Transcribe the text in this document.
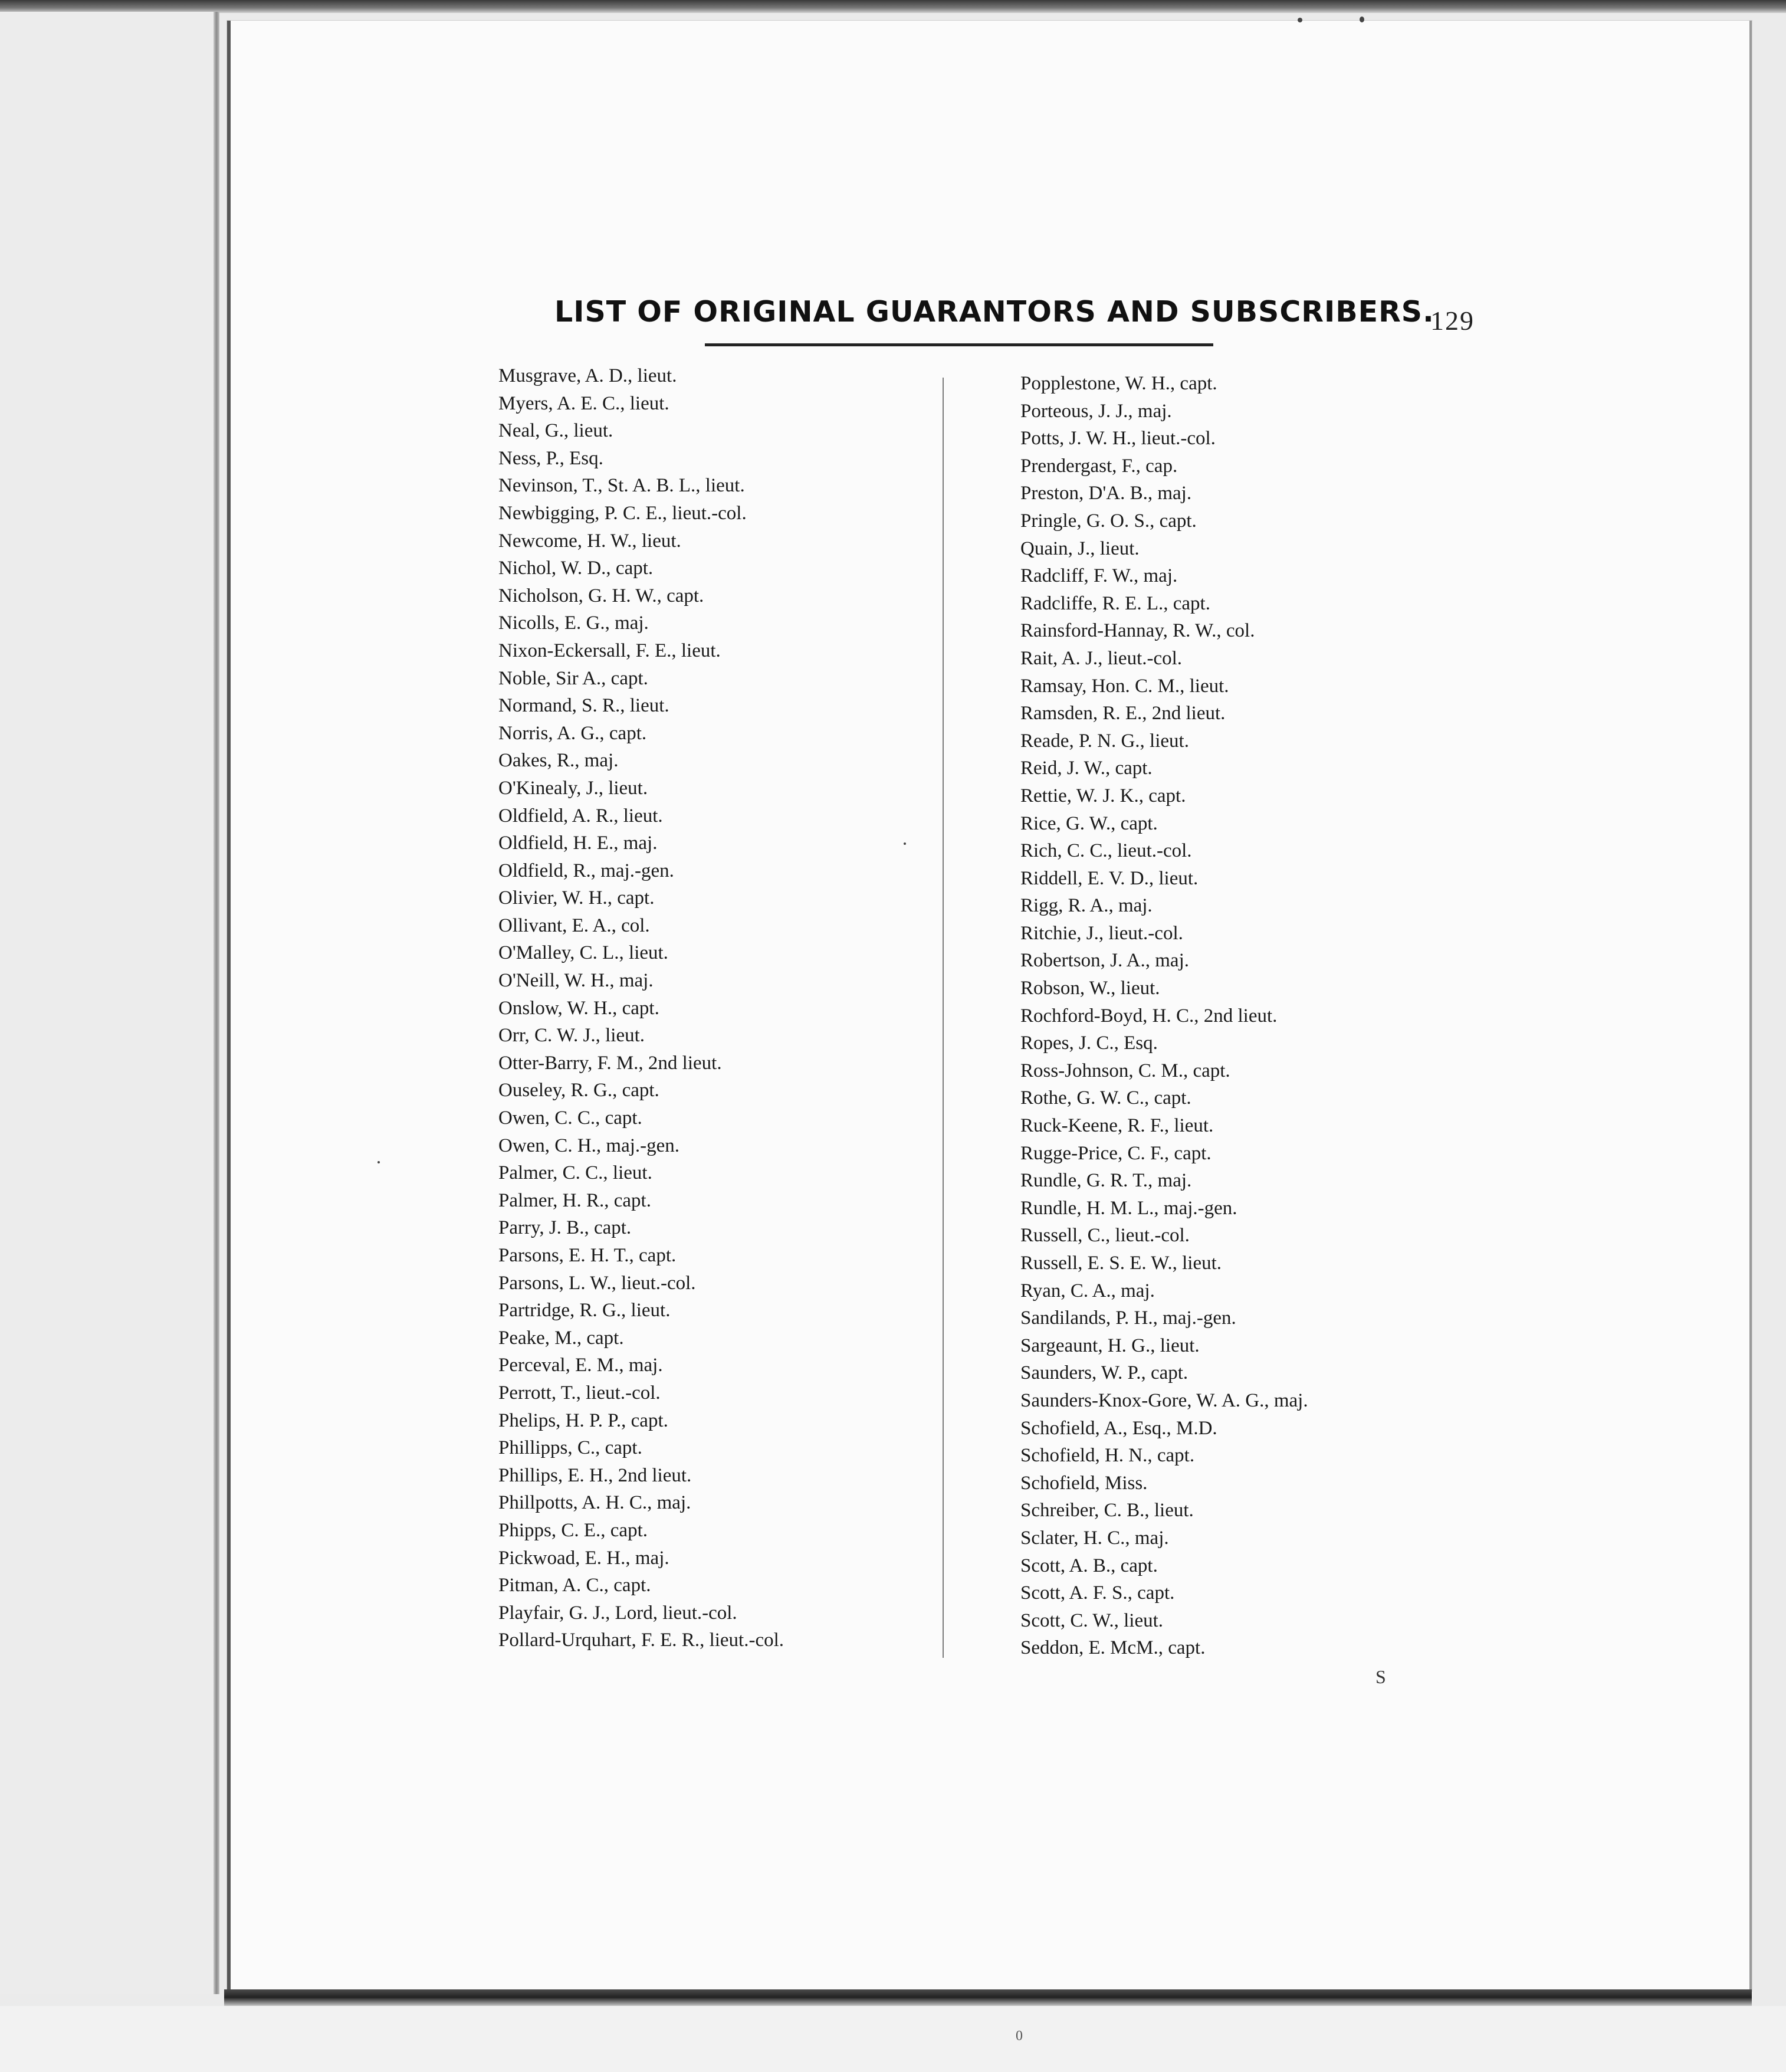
LIST OF ORIGINAL GUARANTORS AND SUBSCRIBERS.
129
Musgrave, A. D., lieut.
Myers, A. E. C., lieut.
Neal, G., lieut.
Ness, P., Esq.
Nevinson, T., St. A. B. L., lieut.
Newbigging, P. C. E., lieut.-col.
Newcome, H. W., lieut.
Nichol, W. D., capt.
Nicholson, G. H. W., capt.
Nicolls, E. G., maj.
Nixon-Eckersall, F. E., lieut.
Noble, Sir A., capt.
Normand, S. R., lieut.
Norris, A. G., capt.
Oakes, R., maj.
O'Kinealy, J., lieut.
Oldfield, A. R., lieut.
Oldfield, H. E., maj.
Oldfield, R., maj.-gen.
Olivier, W. H., capt.
Ollivant, E. A., col.
O'Malley, C. L., lieut.
O'Neill, W. H., maj.
Onslow, W. H., capt.
Orr, C. W. J., lieut.
Otter-Barry, F. M., 2nd lieut.
Ouseley, R. G., capt.
Owen, C. C., capt.
Owen, C. H., maj.-gen.
Palmer, C. C., lieut.
Palmer, H. R., capt.
Parry, J. B., capt.
Parsons, E. H. T., capt.
Parsons, L. W., lieut.-col.
Partridge, R. G., lieut.
Peake, M., capt.
Perceval, E. M., maj.
Perrott, T., lieut.-col.
Phelips, H. P. P., capt.
Phillipps, C., capt.
Phillips, E. H., 2nd lieut.
Phillpotts, A. H. C., maj.
Phipps, C. E., capt.
Pickwoad, E. H., maj.
Pitman, A. C., capt.
Playfair, G. J., Lord, lieut.-col.
Pollard-Urquhart, F. E. R., lieut.-col.
Popplestone, W. H., capt.
Porteous, J. J., maj.
Potts, J. W. H., lieut.-col.
Prendergast, F., cap.
Preston, D'A. B., maj.
Pringle, G. O. S., capt.
Quain, J., lieut.
Radcliff, F. W., maj.
Radcliffe, R. E. L., capt.
Rainsford-Hannay, R. W., col.
Rait, A. J., lieut.-col.
Ramsay, Hon. C. M., lieut.
Ramsden, R. E., 2nd lieut.
Reade, P. N. G., lieut.
Reid, J. W., capt.
Rettie, W. J. K., capt.
Rice, G. W., capt.
Rich, C. C., lieut.-col.
Riddell, E. V. D., lieut.
Rigg, R. A., maj.
Ritchie, J., lieut.-col.
Robertson, J. A., maj.
Robson, W., lieut.
Rochford-Boyd, H. C., 2nd lieut.
Ropes, J. C., Esq.
Ross-Johnson, C. M., capt.
Rothe, G. W. C., capt.
Ruck-Keene, R. F., lieut.
Rugge-Price, C. F., capt.
Rundle, G. R. T., maj.
Rundle, H. M. L., maj.-gen.
Russell, C., lieut.-col.
Russell, E. S. E. W., lieut.
Ryan, C. A., maj.
Sandilands, P. H., maj.-gen.
Sargeaunt, H. G., lieut.
Saunders, W. P., capt.
Saunders-Knox-Gore, W. A. G., maj.
Schofield, A., Esq., M.D.
Schofield, H. N., capt.
Schofield, Miss.
Schreiber, C. B., lieut.
Sclater, H. C., maj.
Scott, A. B., capt.
Scott, A. F. S., capt.
Scott, C. W., lieut.
Seddon, E. McM., capt.
S
0
